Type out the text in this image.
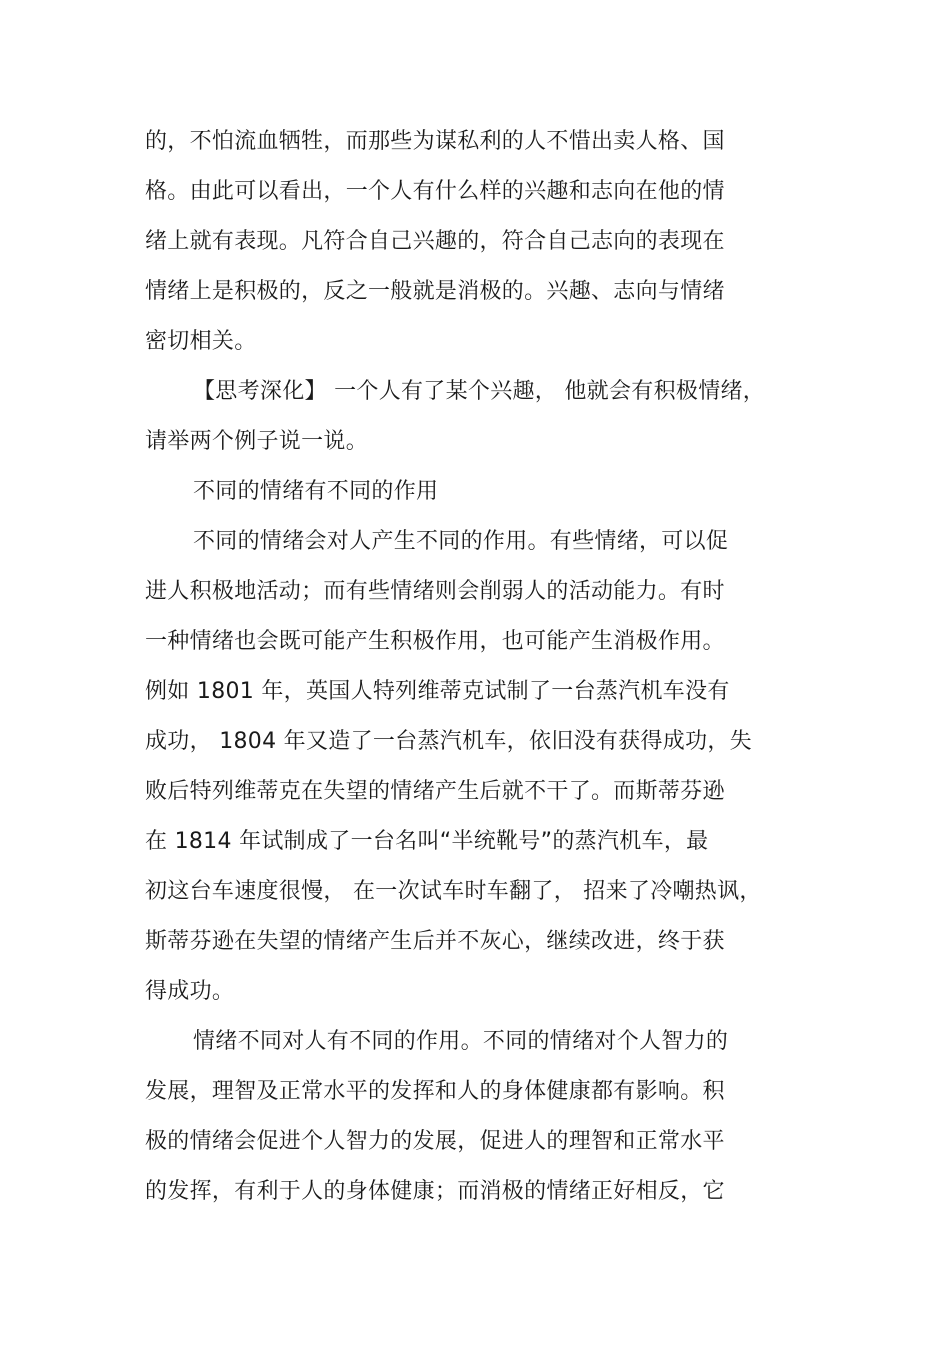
的，不怕流血牺牲，而那些为谋私利的人不惜出卖人格、国
格。由此可以看出，一个人有什么样的兴趣和志向在他的情
绪上就有表现。凡符合自己兴趣的，符合自己志向的表现在
情绪上是积极的，反之一般就是消极的。兴趣、志向与情绪
密切相关。
【思考深化】 一个人有了某个兴趣， 他就会有积极情绪，
请举两个例子说一说。
不同的情绪有不同的作用
不同的情绪会对人产生不同的作用。有些情绪，可以促
进人积极地活动；而有些情绪则会削弱人的活动能力。有时
一种情绪也会既可能产生积极作用，也可能产生消极作用。
例如 1801 年，英国人特列维蒂克试制了一台蒸汽机车没有
成功， 1804 年又造了一台蒸汽机车，依旧没有获得成功，失
败后特列维蒂克在失望的情绪产生后就不干了。而斯蒂芬逊
在 1814 年试制成了一台名叫“半统靴号”的蒸汽机车，最
初这台车速度很慢， 在一次试车时车翻了， 招来了冷嘲热讽，
斯蒂芬逊在失望的情绪产生后并不灰心，继续改进，终于获
得成功。
情绪不同对人有不同的作用。不同的情绪对个人智力的
发展，理智及正常水平的发挥和人的身体健康都有影响。积
极的情绪会促进个人智力的发展，促进人的理智和正常水平
的发挥，有利于人的身体健康；而消极的情绪正好相反，它
